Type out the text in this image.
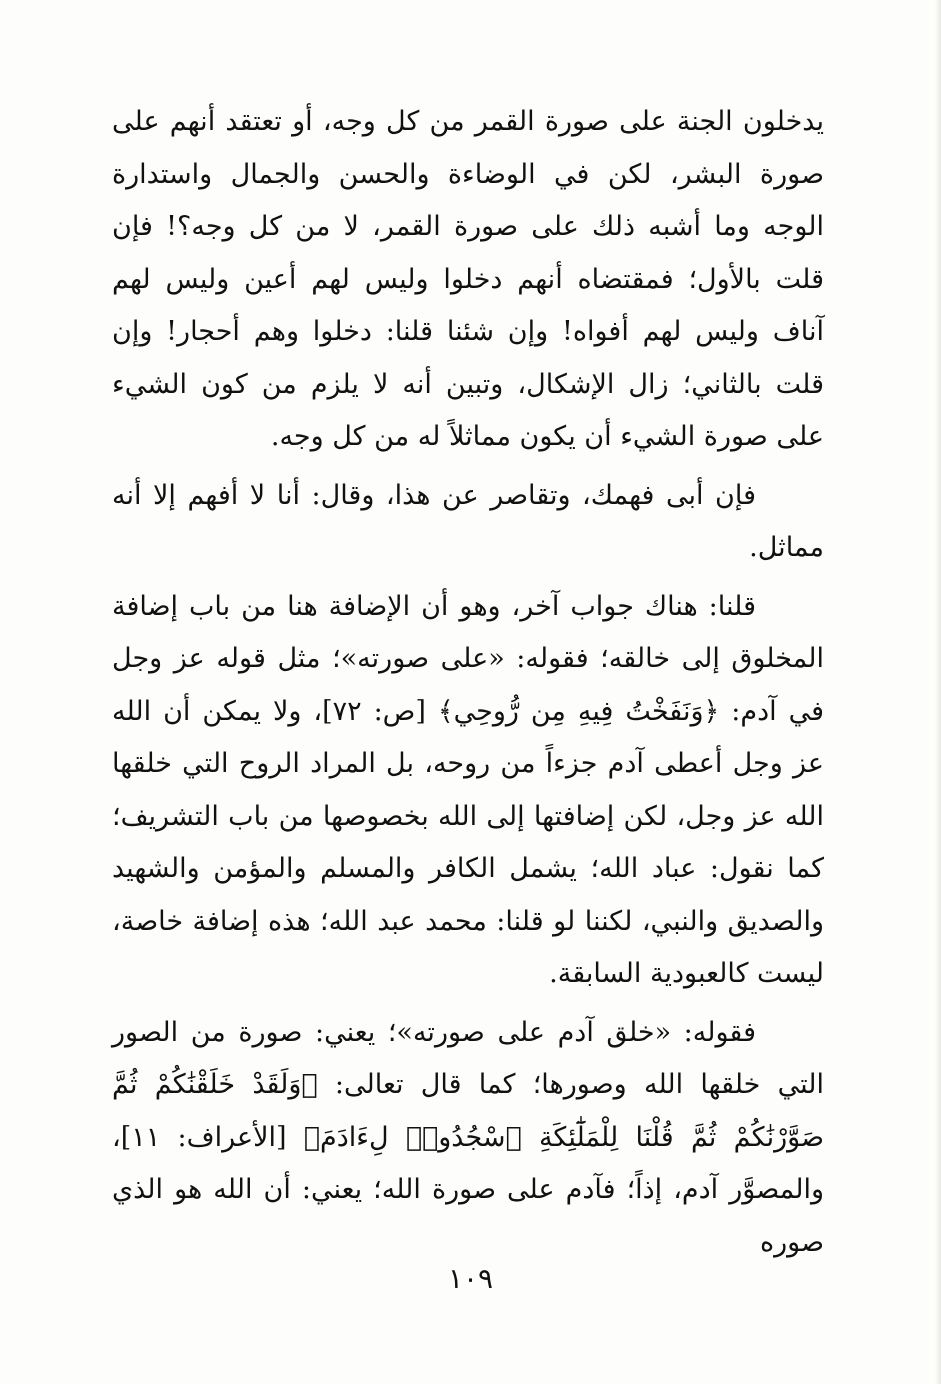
يدخلون الجنة على صورة القمر من كل وجه، أو تعتقد أنهم على صورة البشر، لكن في الوضاءة والحسن والجمال واستدارة الوجه وما أشبه ذلك على صورة القمر، لا من كل وجه؟! فإن قلت بالأول؛ فمقتضاه أنهم دخلوا وليس لهم أعين وليس لهم آناف وليس لهم أفواه! وإن شئنا قلنا: دخلوا وهم أحجار! وإن قلت بالثاني؛ زال الإشكال، وتبين أنه لا يلزم من كون الشيء على صورة الشيء أن يكون مماثلاً له من كل وجه.

فإن أبى فهمك، وتقاصر عن هذا، وقال: أنا لا أفهم إلا أنه مماثل.

قلنا: هناك جواب آخر، وهو أن الإضافة هنا من باب إضافة المخلوق إلى خالقه؛ فقوله: «على صورته»؛ مثل قوله عز وجل في آدم: ﴿وَنَفَخْتُ فِيهِ مِن رُّوحِي﴾ [ص: ٧٢]، ولا يمكن أن الله عز وجل أعطى آدم جزءاً من روحه، بل المراد الروح التي خلقها الله عز وجل، لكن إضافتها إلى الله بخصوصها من باب التشريف؛ كما نقول: عباد الله؛ يشمل الكافر والمسلم والمؤمن والشهيد والصديق والنبي، لكننا لو قلنا: محمد عبد الله؛ هذه إضافة خاصة، ليست كالعبودية السابقة.

فقوله: «خلق آدم على صورته»؛ يعني: صورة من الصور التي خلقها الله وصورها؛ كما قال تعالى: ﴿وَلَقَدْ خَلَقْنَٰكُمْ ثُمَّ صَوَّرْنَٰكُمْ ثُمَّ قُلْنَا لِلْمَلَٰٓئِكَةِ ٱسْجُدُوا۟ لِءَادَمَ﴾ [الأعراف: ١١]، والمصوَّر آدم، إذاً؛ فآدم على صورة الله؛ يعني: أن الله هو الذي صوره

١٠٩
